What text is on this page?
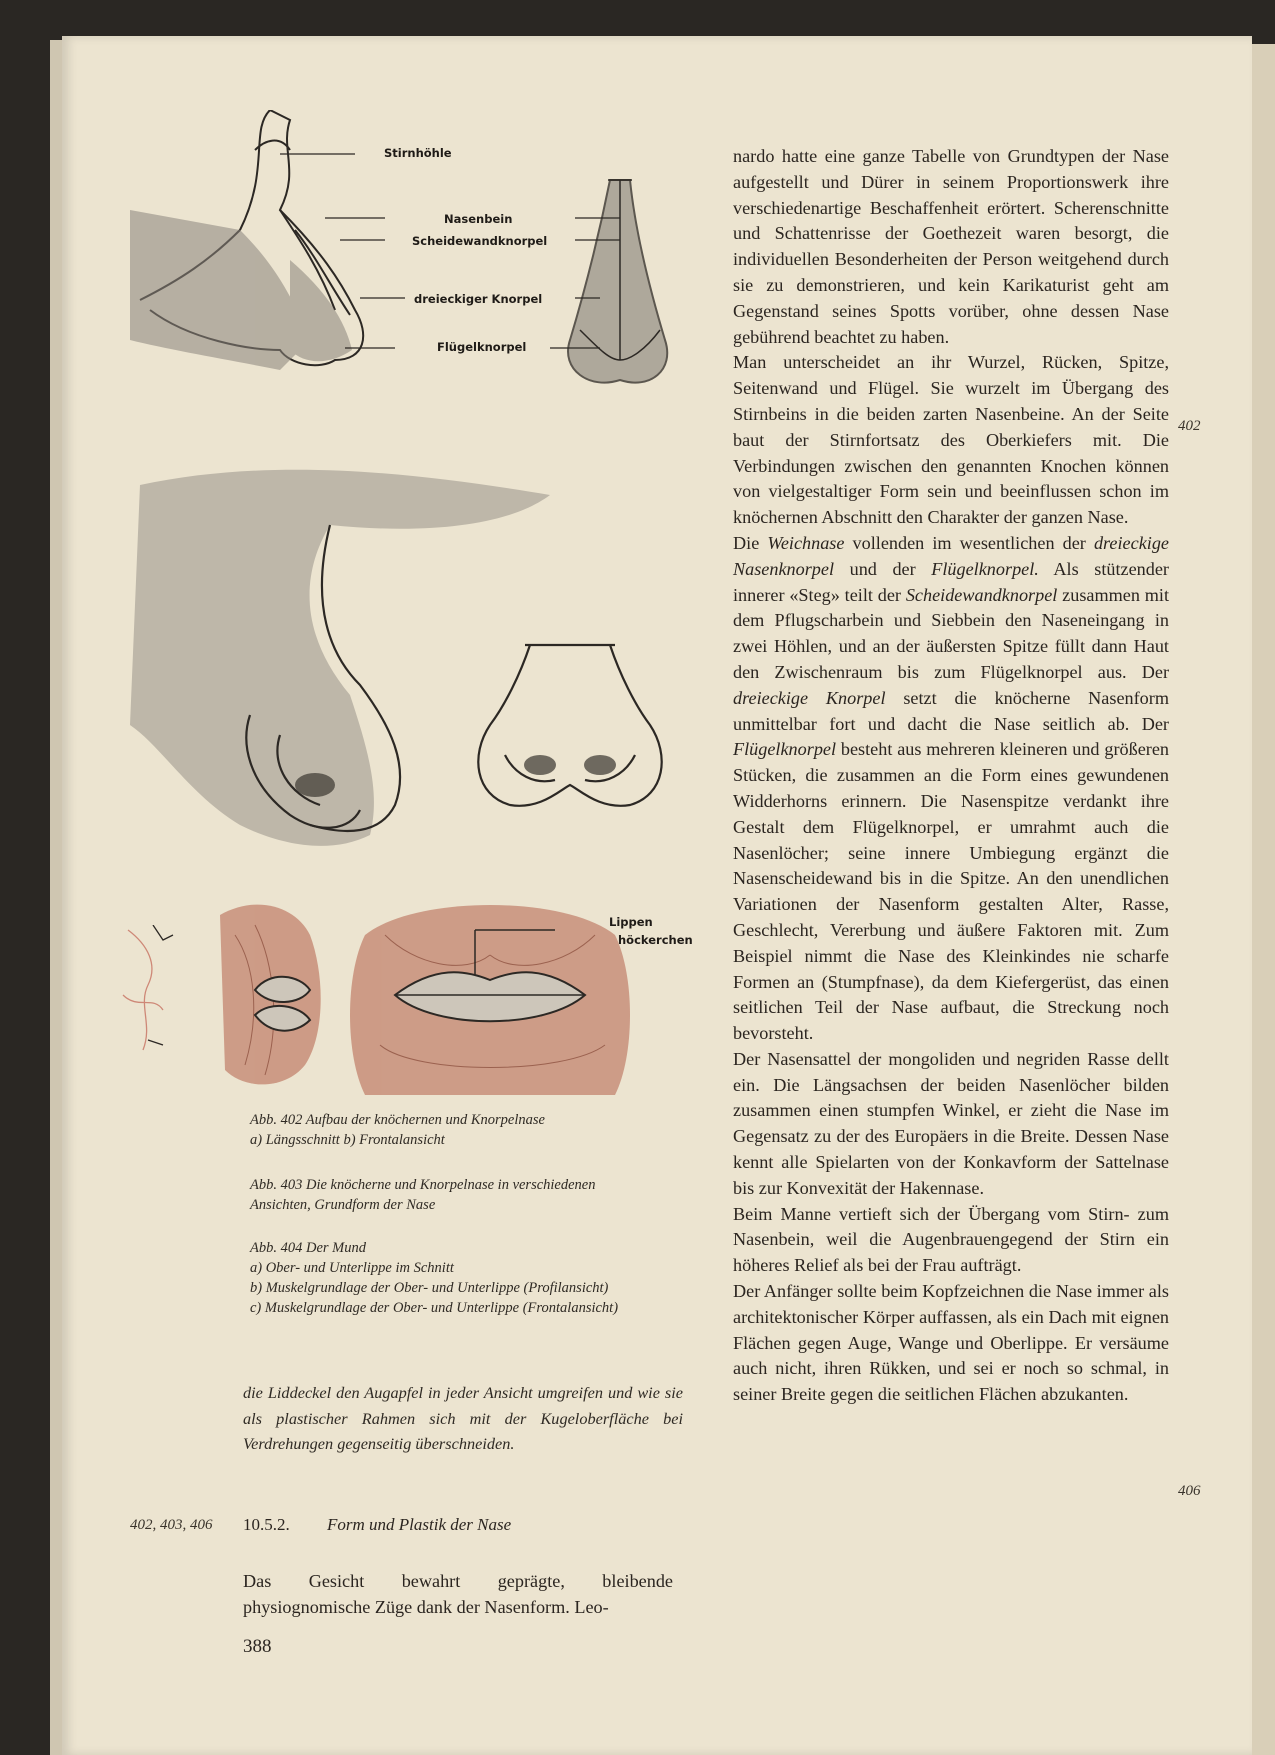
Stirnhöhle
Nasenbein
Scheidewandknorpel
dreieckiger Knorpel
Flügelknorpel
Lippen
höckerchen
Abb. 402 Aufbau der knöchernen und Knorpelnase
a) Längsschnitt b) Frontalansicht
Abb. 403 Die knöcherne und Knorpelnase in verschiedenen
Ansichten, Grundform der Nase
Abb. 404 Der Mund
a) Ober- und Unterlippe im Schnitt
b) Muskelgrundlage der Ober- und Unterlippe (Profilansicht)
c) Muskelgrundlage der Ober- und Unterlippe (Frontalansicht)
die Liddeckel den Augapfel in jeder Ansicht umgreifen und wie sie als plastischer Rahmen sich mit der Kugeloberfläche bei Verdrehungen gegenseitig überschneiden.
402, 403, 406 10.5.2. Form und Plastik der Nase
Das Gesicht bewahrt geprägte, bleibende physiognomische Züge dank der Nasenform. Leo-
388

nardo hatte eine ganze Tabelle von Grundtypen der Nase aufgestellt und Dürer in seinem Proportionswerk ihre verschiedenartige Beschaffenheit erörtert. Scherenschnitte und Schattenrisse der Goethezeit waren besorgt, die individuellen Besonderheiten der Person weitgehend durch sie zu demonstrieren, und kein Karikaturist geht am Gegenstand seines Spotts vorüber, ohne dessen Nase gebührend beachtet zu haben.

Man unterscheidet an ihr Wurzel, Rücken, Spitze, Seitenwand und Flügel. Sie wurzelt im Übergang des Stirnbeins in die beiden zarten Nasenbeine. An der Seite baut der Stirnfortsatz des Oberkiefers mit. Die Verbindungen zwischen den genannten Knochen können von vielgestaltiger Form sein und beeinflussen schon im knöchernen Abschnitt den Charakter der ganzen Nase.

Die Weichnase vollenden im wesentlichen der dreieckige Nasenknorpel und der Flügelknorpel. Als stützender innerer «Steg» teilt der Scheidewandknorpel zusammen mit dem Pflugscharbein und Siebbein den Naseneingang in zwei Höhlen, und an der äußersten Spitze füllt dann Haut den Zwischenraum bis zum Flügelknorpel aus. Der dreieckige Knorpel setzt die knöcherne Nasenform unmittelbar fort und dacht die Nase seitlich ab. Der Flügelknorpel besteht aus mehreren kleineren und größeren Stücken, die zusammen an die Form eines gewundenen Widderhorns erinnern. Die Nasenspitze verdankt ihre Gestalt dem Flügelknorpel, er umrahmt auch die Nasenlöcher; seine innere Umbiegung ergänzt die Nasenscheidewand bis in die Spitze. An den unendlichen Variationen der Nasenform gestalten Alter, Rasse, Geschlecht, Vererbung und äußere Faktoren mit. Zum Beispiel nimmt die Nase des Kleinkindes nie scharfe Formen an (Stumpfnase), da dem Kiefergerüst, das einen seitlichen Teil der Nase aufbaut, die Streckung noch bevorsteht.

Der Nasensattel der mongoliden und negriden Rasse dellt ein. Die Längsachsen der beiden Nasenlöcher bilden zusammen einen stumpfen Winkel, er zieht die Nase im Gegensatz zu der des Europäers in die Breite. Dessen Nase kennt alle Spielarten von der Konkavform der Sattelnase bis zur Konvexität der Hakennase.

Beim Manne vertieft sich der Übergang vom Stirn- zum Nasenbein, weil die Augenbrauengegend der Stirn ein höheres Relief als bei der Frau aufträgt.

Der Anfänger sollte beim Kopfzeichnen die Nase immer als architektonischer Körper auffassen, als ein Dach mit eignen Flächen gegen Auge, Wange und Oberlippe. Er versäume auch nicht, ihren Rükken, und sei er noch so schmal, in seiner Breite gegen die seitlichen Flächen abzukanten.

402
406
